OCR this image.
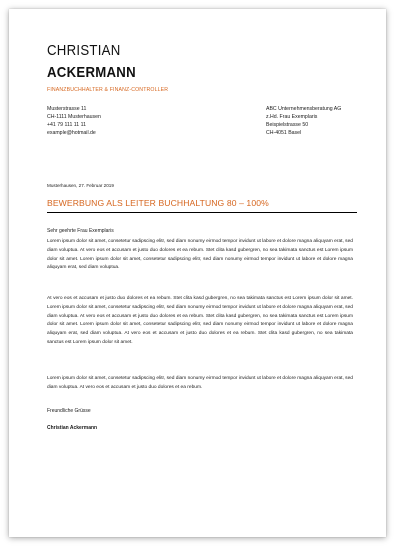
CHRISTIAN
ACKERMANN
FINANZBUCHHALTER & FINANZ-CONTROLLER
Musterstrasse 11
CH-1111 Musterhausen
+41 79 111 11 11
example@hotmail.de
ABC Unternehmensberatung AG
z.Hd. Frau Exemplaris
Beispielstrasse 50
CH-4051 Basel
Musterhausen, 27. Februar 2019
BEWERBUNG ALS LEITER BUCHHALTUNG 80 – 100%
Sehr geehrte Frau Exemplaris
Lorem ipsum dolor sit amet, consetetur sadipscing elitr, sed diam nonumy eirmod tempor invidunt ut labore et dolore magna aliquyam erat, sed diam voluptua. At vero eos et accusam et justo duo dolores et ea rebum. Stet clita kasd gubergren, no sea takimata sanctus est Lorem ipsum dolor sit amet. Lorem ipsum dolor sit amet, consetetur sadipscing elitr, sed diam nonumy eirmod tempor invidunt ut labore et dolore magna aliquyam erat, sed diam voluptua.
At vero eos et accusam et justo duo dolores et ea rebum. Stet clita kasd gubergren, no sea takimata sanctus est Lorem ipsum dolor sit amet. Lorem ipsum dolor sit amet, consetetur sadipscing elitr, sed diam nonumy eirmod tempor invidunt ut labore et dolore magna aliquyam erat, sed diam voluptua. At vero eos et accusam et justo duo dolores et ea rebum. Stet clita kasd gubergren, no sea takimata sanctus est Lorem ipsum dolor sit amet. Lorem ipsum dolor sit amet, consetetur sadipscing elitr, sed diam nonumy eirmod tempor invidunt ut labore et dolore magna aliquyam erat, sed diam voluptua. At vero eos et accusam et justo duo dolores et ea rebum. Stet clita kasd gubergren, no sea takimata sanctus est Lorem ipsum dolor sit amet.
Lorem ipsum dolor sit amet, consetetur sadipscing elitr, sed diam nonumy eirmod tempor invidunt ut labore et dolore magna aliquyam erat, sed diam voluptua. At vero eos et accusam et justo duo dolores et ea rebum.
Freundliche Grüsse
Christian Ackermann
